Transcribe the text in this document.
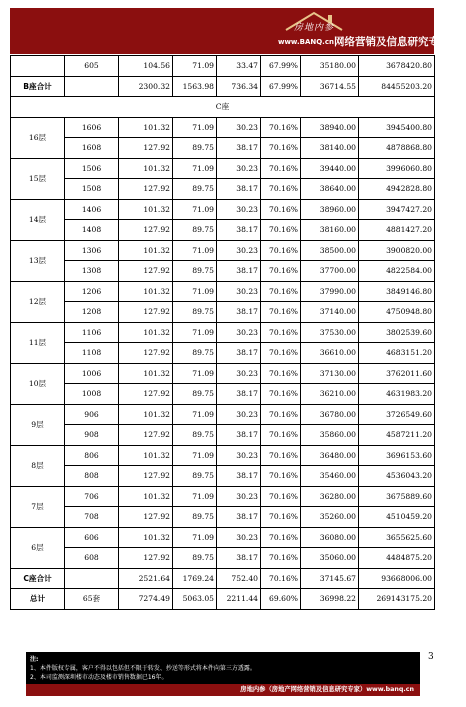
房地内参
www.BANQ.cn 网络营销及信息研究专家
	605	104.56	71.09	33.47	67.99%	35180.00	3678420.80
B座合计		2300.32	1563.98	736.34	67.99%	36714.55	84455203.20
C座							
16层	1606	101.32	71.09	30.23	70.16%	38940.00	3945400.80
	1608	127.92	89.75	38.17	70.16%	38140.00	4878868.80
15层	1506	101.32	71.09	30.23	70.16%	39440.00	3996060.80
	1508	127.92	89.75	38.17	70.16%	38640.00	4942828.80
14层	1406	101.32	71.09	30.23	70.16%	38960.00	3947427.20
	1408	127.92	89.75	38.17	70.16%	38160.00	4881427.20
13层	1306	101.32	71.09	30.23	70.16%	38500.00	3900820.00
	1308	127.92	89.75	38.17	70.16%	37700.00	4822584.00
12层	1206	101.32	71.09	30.23	70.16%	37990.00	3849146.80
	1208	127.92	89.75	38.17	70.16%	37140.00	4750948.80
11层	1106	101.32	71.09	30.23	70.16%	37530.00	3802539.60
	1108	127.92	89.75	38.17	70.16%	36610.00	4683151.20
10层	1006	101.32	71.09	30.23	70.16%	37130.00	3762011.60
	1008	127.92	89.75	38.17	70.16%	36210.00	4631983.20
9层	906	101.32	71.09	30.23	70.16%	36780.00	3726549.60
	908	127.92	89.75	38.17	70.16%	35860.00	4587211.20
8层	806	101.32	71.09	30.23	70.16%	36480.00	3696153.60
	808	127.92	89.75	38.17	70.16%	35460.00	4536043.20
7层	706	101.32	71.09	30.23	70.16%	36280.00	3675889.60
	708	127.92	89.75	38.17	70.16%	35260.00	4510459.20
6层	606	101.32	71.09	30.23	70.16%	36080.00	3655625.60
	608	127.92	89.75	38.17	70.16%	35060.00	4484875.20
C座合计		2521.64	1769.24	752.40	70.16%	37145.67	93668006.00
总计	65套	7274.49	5063.05	2211.44	69.60%	36998.22	269143175.20
注:
1、本件版权专属，客户不得以包括但不限于转发、抄送等形式将本件向第三方透露。
2、本司监测深圳楼市动态及楼市销售数据已16年。
房地内参（房地产网络营销及信息研究专家）www.banq.cn
3
